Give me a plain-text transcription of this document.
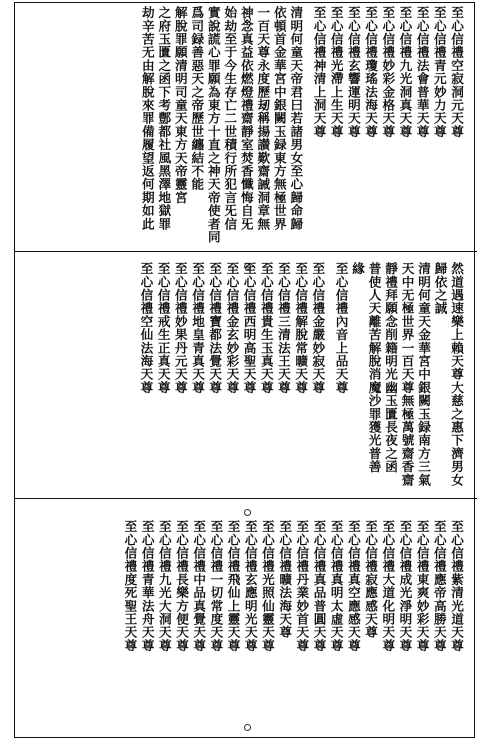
至心信禮空寂洞元天尊
至心信禮青元妙力天尊
至心信禮法會普華天尊
至心信禮九光洞真天尊
至心信禮妙彩金格天尊
至心信禮瓊瑤法海天尊
至心信禮玄響運明天尊
至心信禮光滯上生天尊
至心信禮神清上洞天尊
清明何童天帝君曰若諸男女至心歸命歸
依頓首金華宮中銀闕玉録東方無極世界
一百天尊永度歷刼稱揚讃歎齋誡洞章無
神念真益依燃燈禮齋靜室焚香懺悔自旡
始劫至于今生存亡二世積行所犯言旡信
實說謊心罪願為東方十直之神天帝使者同
爲司録善惡天之帝歷世纏結不能
解脫罪願清明司童天東方天帝靈宮
之府玉匱之函下考鄷都社風黑澤地獄罪
劫辛苦无由解脫來罪備履望返何期如此
然道遇速樂上賴天尊大慈之惠下濟男女
歸依之誠
清明何童天金華宮中銀闕玉録南方三氣
天中无極世界一百天尊無極萬號齋香齋
靜禮拜願念削籍明光幽玉匱長夜之函
普使人天離苦解脫消魔沙罪獲光普善
緣
至心信禮內音上品天尊
至心信禮金嚴妙寂天尊
至心信禮解脫常曠天尊
至心信禮三清法王天尊
至心信禮貴生玉真天尊
至心信禮西明高聖天尊
至心信禮金玄妙彩天尊
至心信禮寶都法覺天尊
至心信禮地皇青真天尊
至心信禮妙果丹元天尊
至心信禮戒生正真天尊
至心信禮空仙法海天尊
至心信禮紫清光道天尊
至心信禮應帝高勝天尊
至心信禮東爽妙彩天尊
至心信禮成光淨明天尊
至心信禮大道化明天尊
至心信禮寂應感天尊
至心信禮真空應感天尊
至心信禮真明太虛天尊
至心信禮真品普圓天尊
至心信禮丹業妙首天尊
至心信禮曠法海天尊
至心信禮光照仙靈天尊
至心信禮玄應明光天尊
至心信禮飛仙上靈天尊
至心信禮一切常度天尊
至心信禮中品真覺天尊
至心信禮長樂方便天尊
至心信禮九光大洞天尊
至心信禮青華法舟天尊
至心信禮度死聖王天尊
